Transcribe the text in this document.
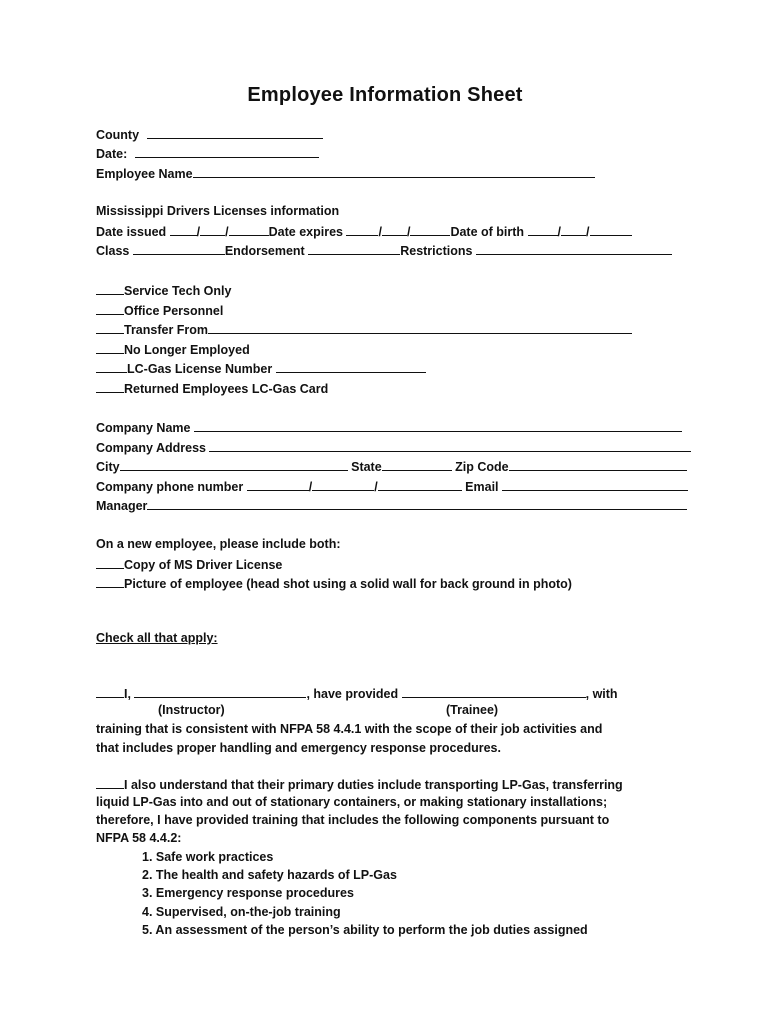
Employee Information Sheet
County
Date:
Employee Name
Mississippi Drivers Licenses information
Date issued / /	Date expires	/ /	Date of birth	/ /
Class	Endorsement	Restrictions
Service Tech Only
Office Personnel
Transfer From
No Longer Employed
LC-Gas License Number
Returned Employees LC-Gas Card
Company Name
Company Address
City	State	Zip Code
Company phone number	/	/	Email
Manager
On a new employee, please include both:
Copy of MS Driver License
Picture of employee (head shot using a solid wall for back ground in photo)
Check all that apply:
I,	, have provided	, with
(Instructor)	(Trainee)
training that is consistent with NFPA 58 4.4.1 with the scope of their job activities and
that includes proper handling and emergency response procedures.
I also understand that their primary duties include transporting LP-Gas, transferring
liquid LP-Gas into and out of stationary containers, or making stationary installations;
therefore, I have provided training that includes the following components pursuant to
NFPA 58 4.4.2:
1. Safe work practices
2. The health and safety hazards of LP-Gas
3. Emergency response procedures
4. Supervised, on-the-job training
5. An assessment of the person’s ability to perform the job duties assigned
